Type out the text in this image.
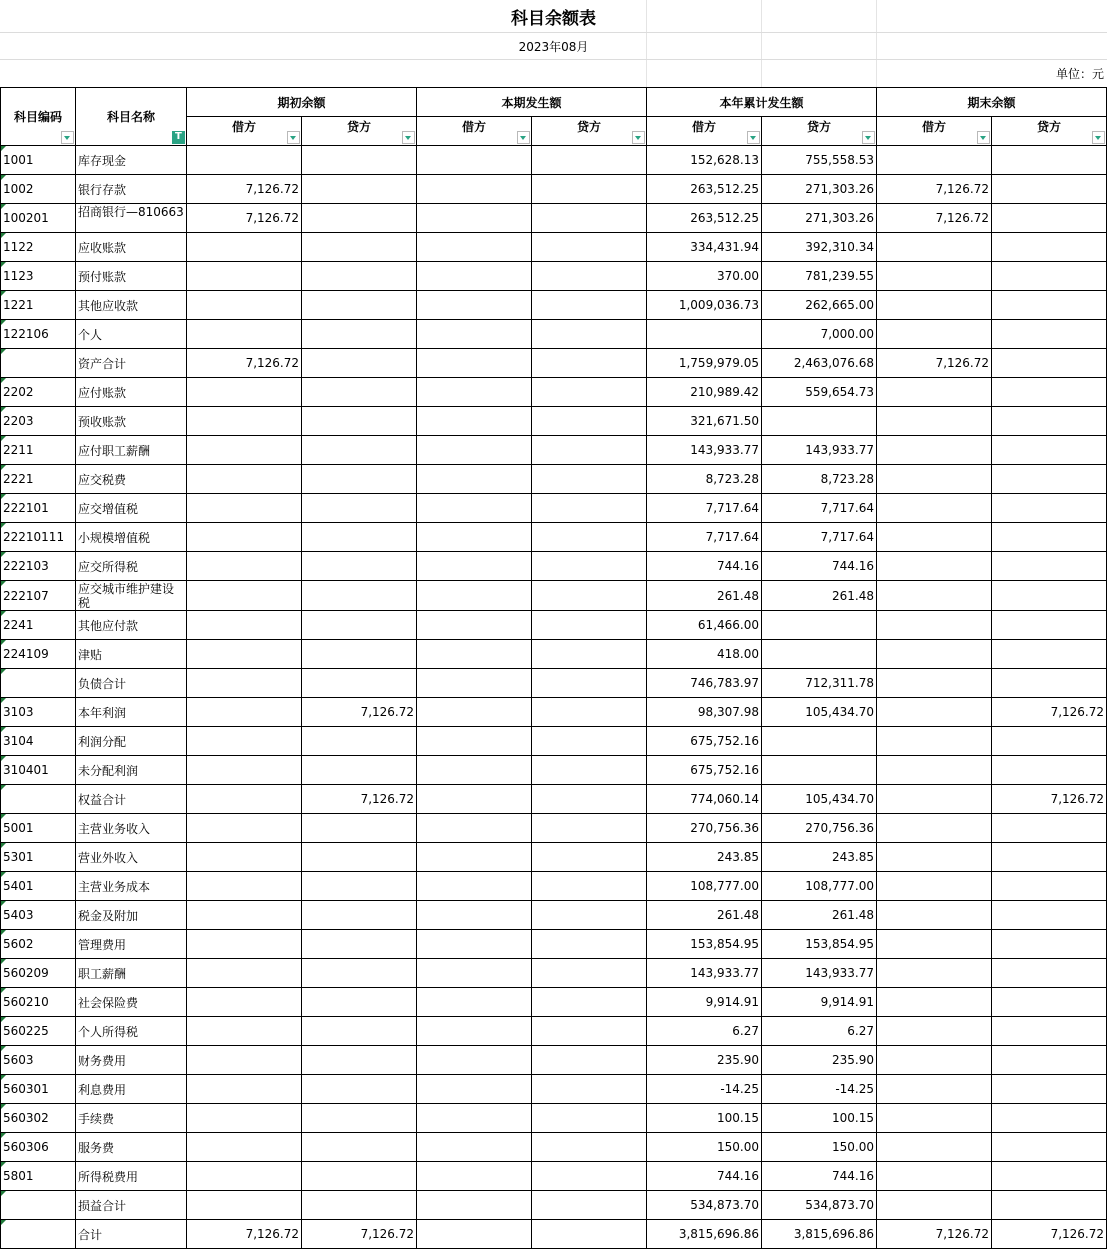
科目余额表
2023年08月
单位：元
科目编码	科目名称
T	期初余额		本期发生额		本年累计发生额		期末余额	
		借方	贷方	借方	贷方	借方	贷方	借方	贷方

1001	库存现金					152,628.13	755,558.53		
1002	银行存款	7,126.72				263,512.25	271,303.26	7,126.72	
100201	招商银行—810663	7,126.72				263,512.25	271,303.26	7,126.72	
1122	应收账款					334,431.94	392,310.34		
1123	预付账款					370.00	781,239.55		
1221	其他应收款					1,009,036.73	262,665.00		
122106	个人						7,000.00		
	资产合计	7,126.72				1,759,979.05	2,463,076.68	7,126.72	
2202	应付账款					210,989.42	559,654.73		
2203	预收账款					321,671.50			
2211	应付职工薪酬					143,933.77	143,933.77		
2221	应交税费					8,723.28	8,723.28		
222101	应交增值税					7,717.64	7,717.64		
22210111	小规模增值税					7,717.64	7,717.64		
222103	应交所得税					744.16	744.16		
222107	应交城市维护建设税					261.48	261.48		
2241	其他应付款					61,466.00			
224109	津贴					418.00			
	负债合计					746,783.97	712,311.78		
3103	本年利润		7,126.72			98,307.98	105,434.70		7,126.72
3104	利润分配					675,752.16			
310401	未分配利润					675,752.16			
	权益合计		7,126.72			774,060.14	105,434.70		7,126.72
5001	主营业务收入					270,756.36	270,756.36		
5301	营业外收入					243.85	243.85		
5401	主营业务成本					108,777.00	108,777.00		
5403	税金及附加					261.48	261.48		
5602	管理费用					153,854.95	153,854.95		
560209	职工薪酬					143,933.77	143,933.77		
560210	社会保险费					9,914.91	9,914.91		
560225	个人所得税					6.27	6.27		
5603	财务费用					235.90	235.90		
560301	利息费用					-14.25	-14.25		
560302	手续费					100.15	100.15		
560306	服务费					150.00	150.00		
5801	所得税费用					744.16	744.16		
	损益合计					534,873.70	534,873.70		
	合计	7,126.72	7,126.72			3,815,696.86	3,815,696.86	7,126.72	7,126.72
